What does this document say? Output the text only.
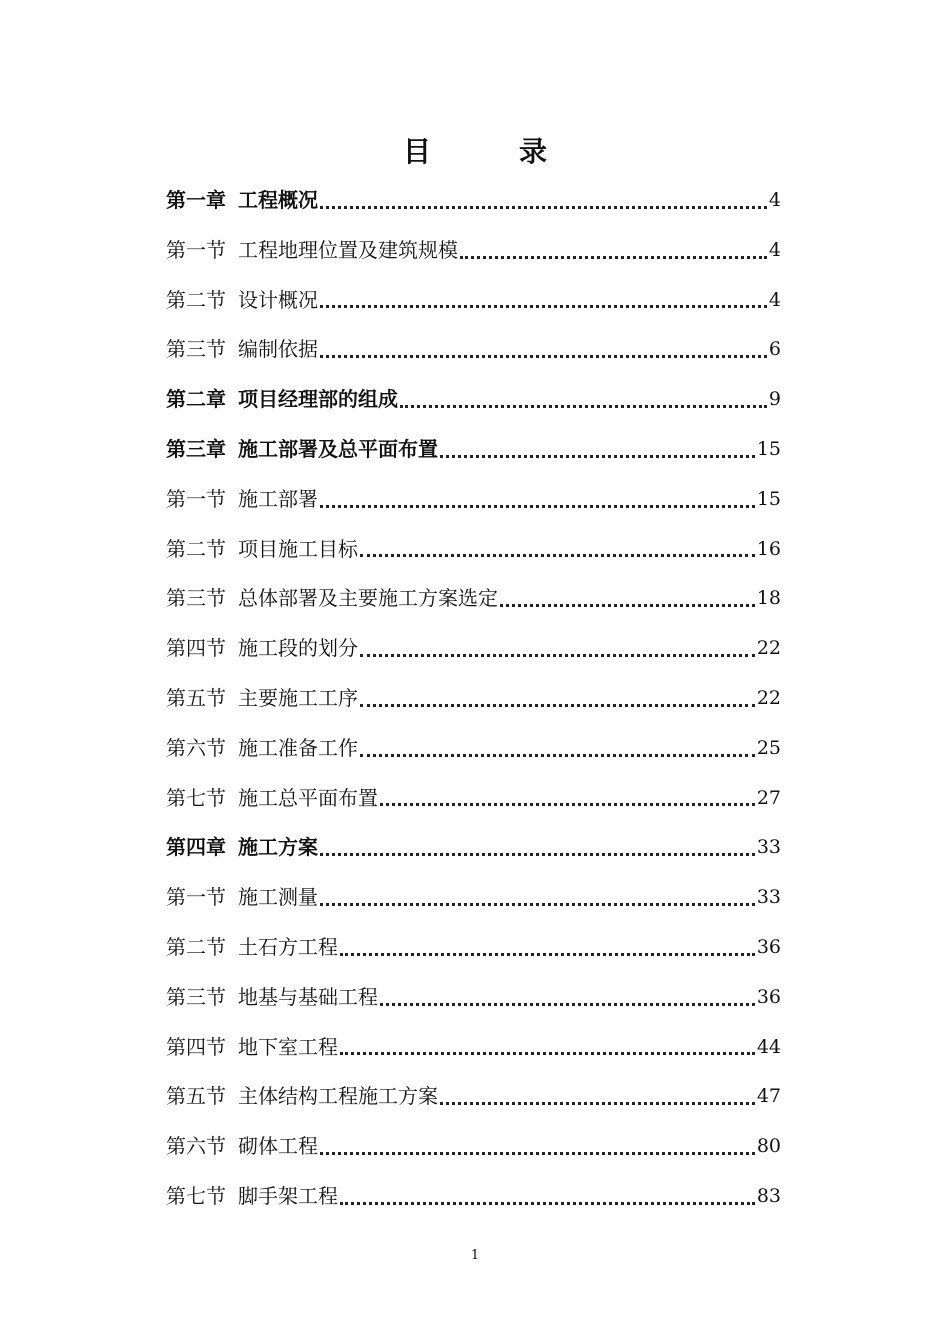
目　录
第一章 工程概况	4
第一节 工程地理位置及建筑规模	4
第二节 设计概况	4
第三节 编制依据	6
第二章 项目经理部的组成	9
第三章 施工部署及总平面布置	15
第一节 施工部署	15
第二节 项目施工目标	16
第三节 总体部署及主要施工方案选定	18
第四节 施工段的划分	22
第五节 主要施工工序	22
第六节 施工准备工作	25
第七节 施工总平面布置	27
第四章 施工方案	33
第一节 施工测量	33
第二节 土石方工程	36
第三节 地基与基础工程	36
第四节 地下室工程	44
第五节 主体结构工程施工方案	47
第六节 砌体工程	80
第七节 脚手架工程	83
1
